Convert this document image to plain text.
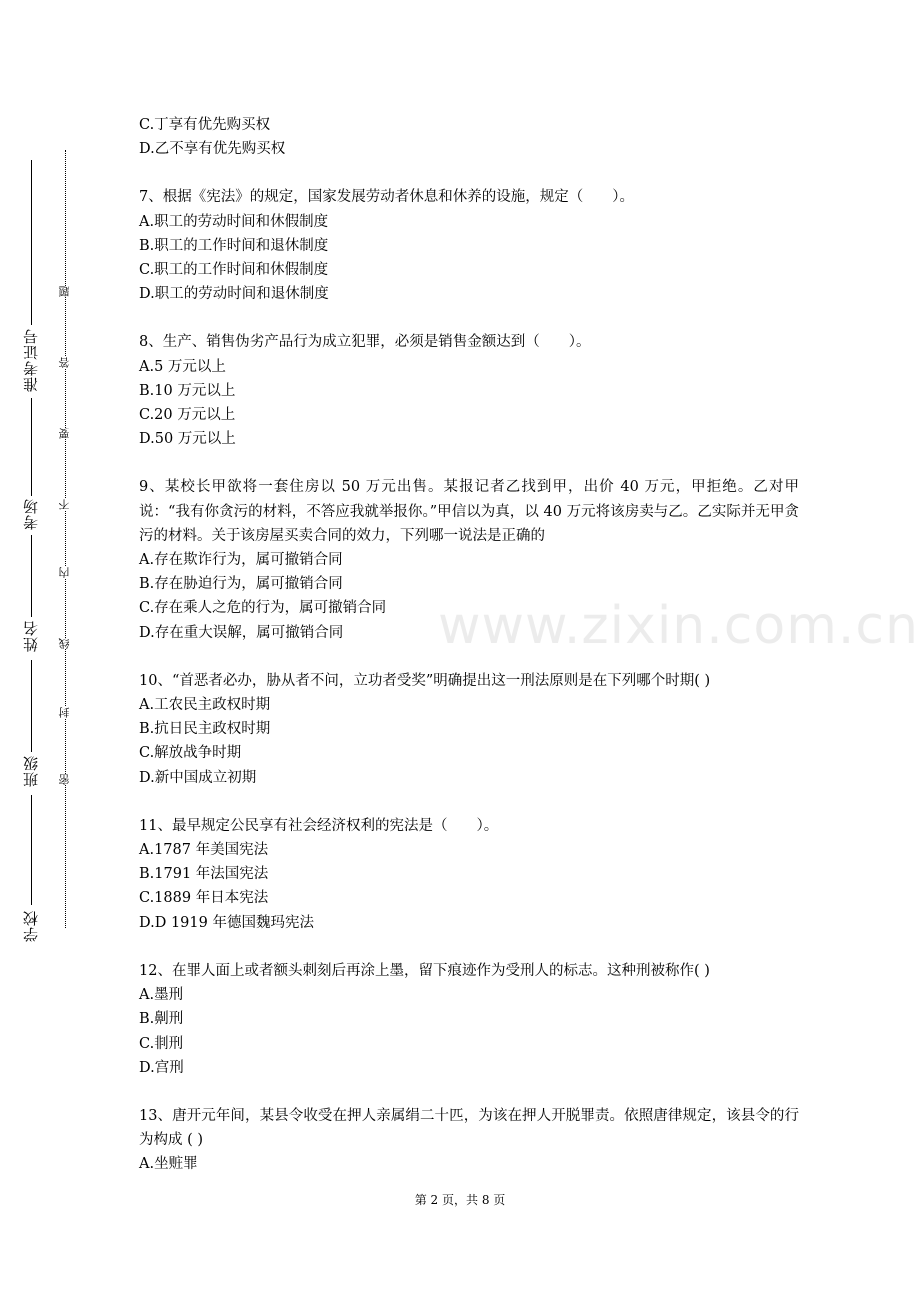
准考证号
考场
姓名
班级
学校
题
答
要
不
内
线
封
密
www.zixin.com.cn
C.丁享有优先购买权
D.乙不享有优先购买权
7、根据《宪法》的规定，国家发展劳动者休息和休养的设施，规定（　　）。
A.职工的劳动时间和休假制度
B.职工的工作时间和退休制度
C.职工的工作时间和休假制度
D.职工的劳动时间和退休制度
8、生产、销售伪劣产品行为成立犯罪，必须是销售金额达到（　　）。
A.5 万元以上
B.10 万元以上
C.20 万元以上
D.50 万元以上
9、某校长甲欲将一套住房以 50 万元出售。某报记者乙找到甲，出价 40 万元，甲拒绝。乙对甲说：“我有你贪污的材料，不答应我就举报你。”甲信以为真，以 40 万元将该房卖与乙。乙实际并无甲贪污的材料。关于该房屋买卖合同的效力，下列哪一说法是正确的
A.存在欺诈行为，属可撤销合同
B.存在胁迫行为，属可撤销合同
C.存在乘人之危的行为，属可撤销合同
D.存在重大误解，属可撤销合同
10、“首恶者必办，胁从者不问，立功者受奖”明确提出这一刑法原则是在下列哪个时期( )
A.工农民主政权时期
B.抗日民主政权时期
C.解放战争时期
D.新中国成立初期
11、最早规定公民享有社会经济权利的宪法是（　　）。
A.1787 年美国宪法
B.1791 年法国宪法
C.1889 年日本宪法
D.D 1919 年德国魏玛宪法
12、在罪人面上或者额头刺刻后再涂上墨，留下痕迹作为受刑人的标志。这种刑被称作( )
A.墨刑
B.劓刑
C.剕刑
D.宫刑
13、唐开元年间，某县令收受在押人亲属绢二十匹，为该在押人开脱罪责。依照唐律规定，该县令的行为构成 ( )
A.坐赃罪
第 2 页，共 8 页
